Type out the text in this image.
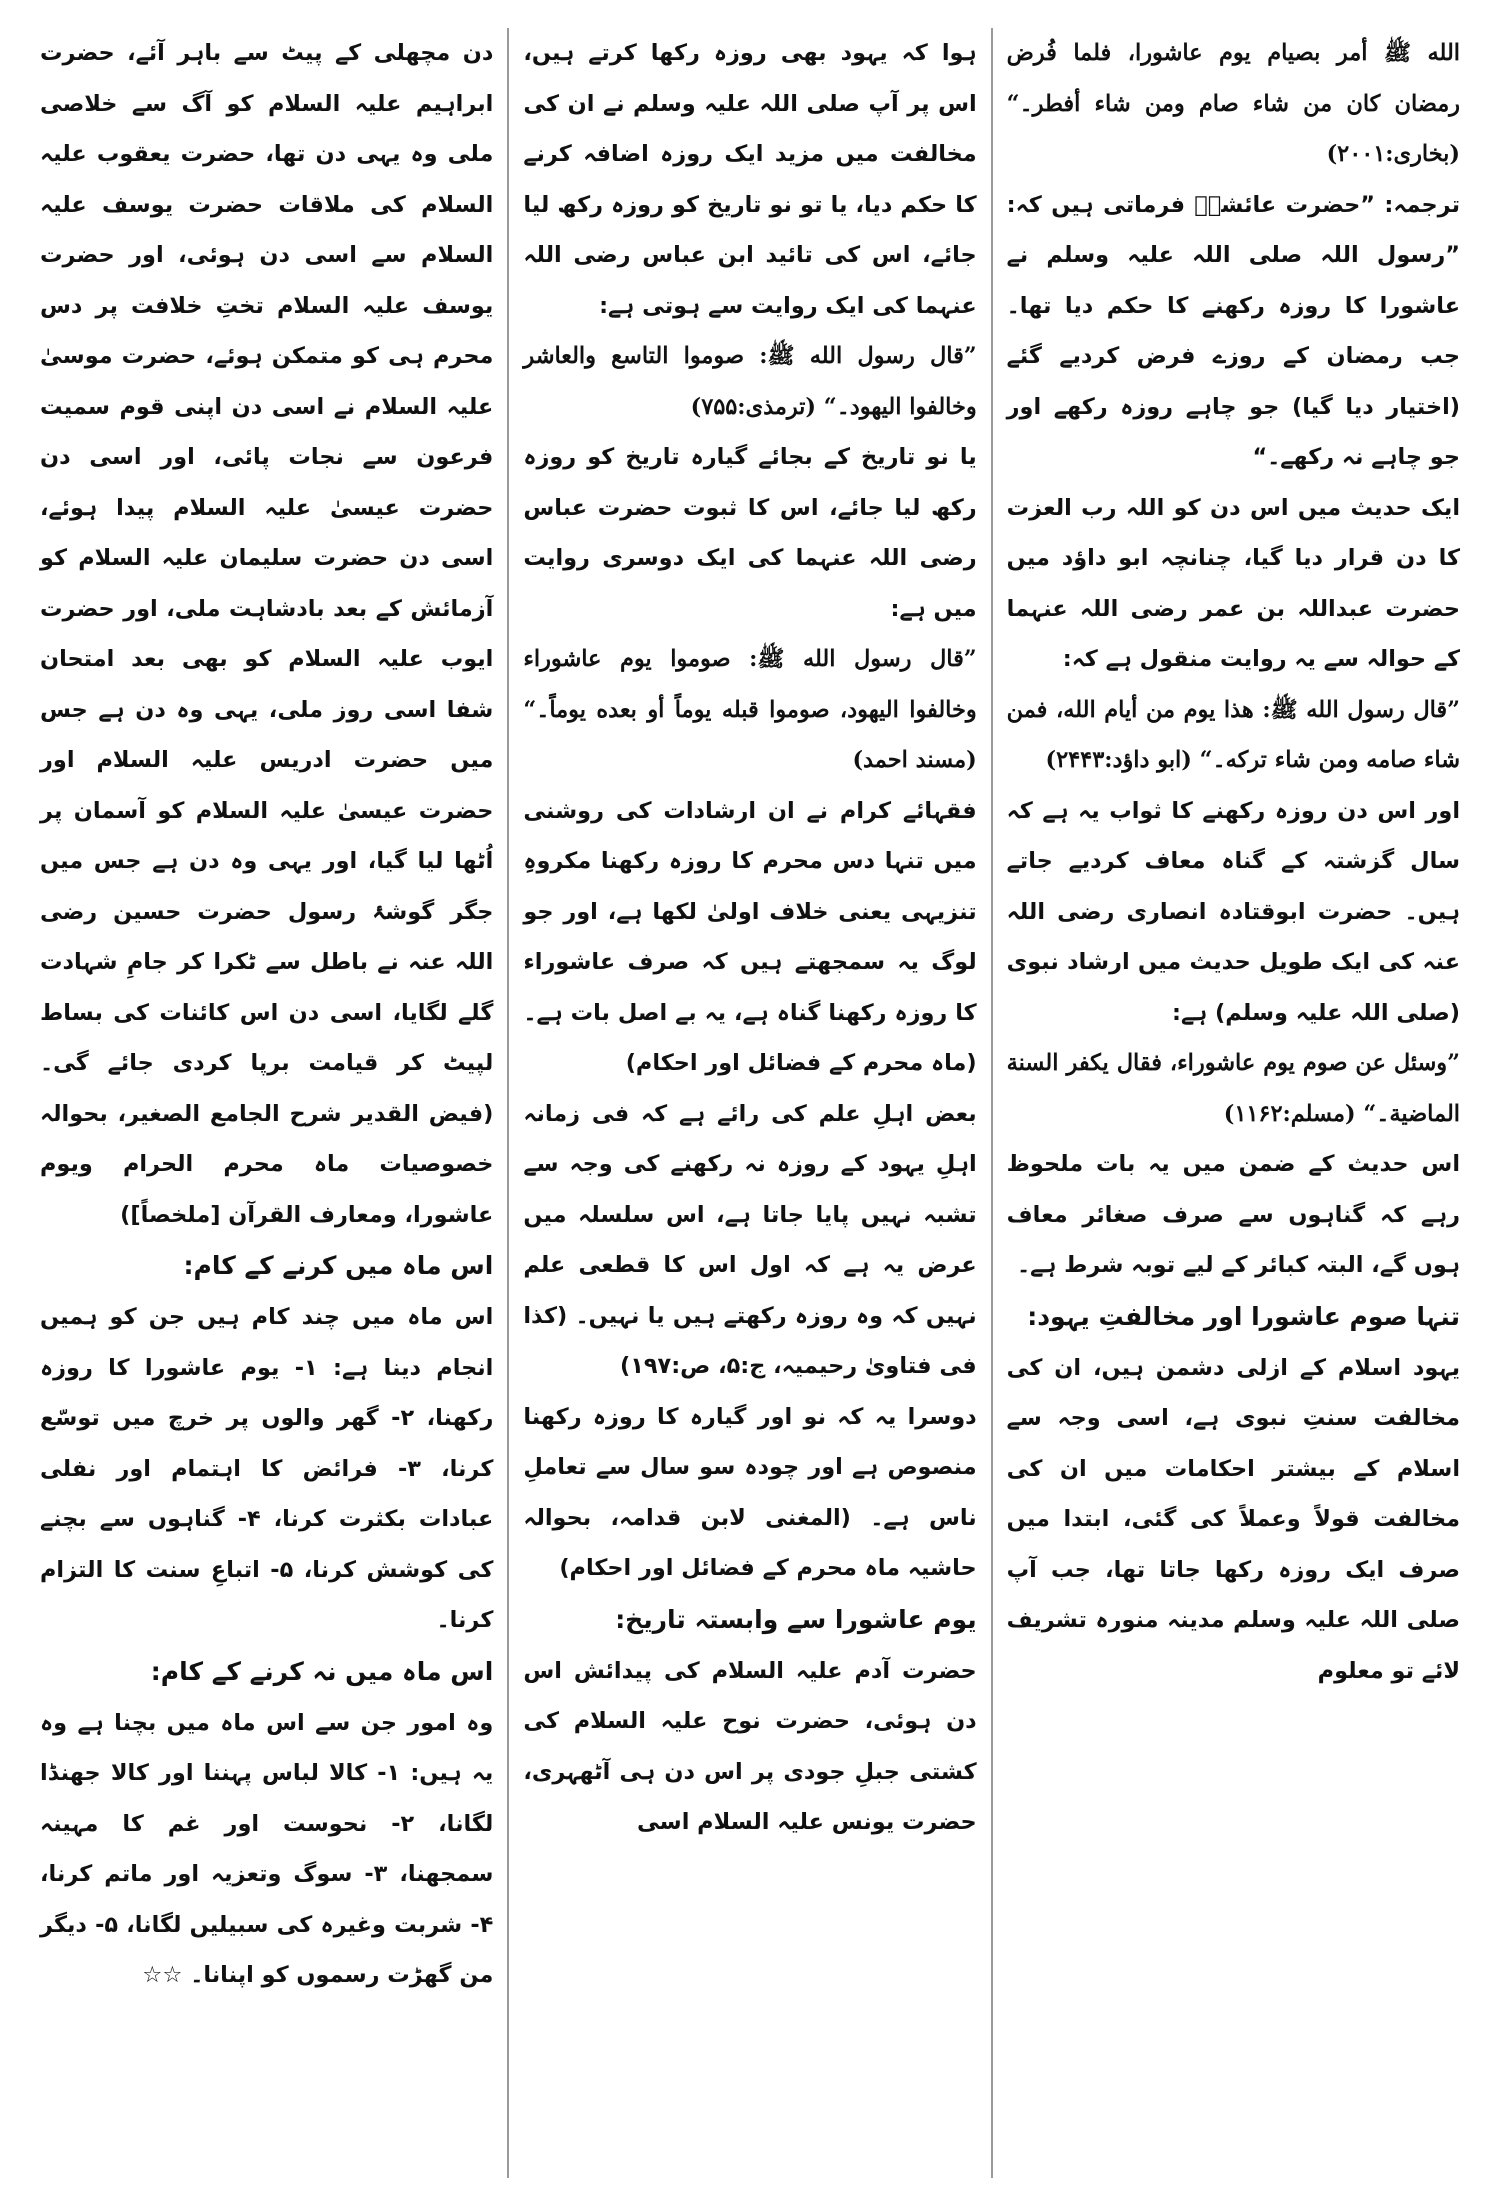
الله ﷺ أمر بصيام يوم عاشورا، فلما فُرض رمضان كان من شاء صام ومن شاء أفطر۔“ (بخاری:۲۰۰۱)

ترجمہ: ”حضرت عائشہؓ فرماتی ہیں کہ: ”رسول اللہ صلی اللہ علیہ وسلم نے عاشورا کا روزہ رکھنے کا حکم دیا تھا۔ جب رمضان کے روزے فرض کردیے گئے (اختیار دیا گیا) جو چاہے روزہ رکھے اور جو چاہے نہ رکھے۔“

ایک حدیث میں اس دن کو اللہ رب العزت کا دن قرار دیا گیا، چنانچہ ابو داؤد میں حضرت عبداللہ بن عمر رضی اللہ عنہما کے حوالہ سے یہ روایت منقول ہے کہ:

”قال رسول الله ﷺ: هذا يوم من أيام الله، فمن شاء صامه ومن شاء تركه۔“ (ابو داؤد:۲۴۴۳)

اور اس دن روزہ رکھنے کا ثواب یہ ہے کہ سال گزشتہ کے گناہ معاف کردیے جاتے ہیں۔ حضرت ابوقتادہ انصاری رضی اللہ عنہ کی ایک طویل حدیث میں ارشاد نبوی (صلی اللہ علیہ وسلم) ہے:

”وسئل عن صوم يوم عاشوراء، فقال يكفر السنة الماضية۔“ (مسلم:۱۱۶۲)

اس حدیث کے ضمن میں یہ بات ملحوظ رہے کہ گناہوں سے صرف صغائر معاف ہوں گے، البتہ کبائر کے لیے توبہ شرط ہے۔

تنہا صوم عاشورا اور مخالفتِ یہود:

یہود اسلام کے ازلی دشمن ہیں، ان کی مخالفت سنتِ نبوی ہے، اسی وجہ سے اسلام کے بیشتر احکامات میں ان کی مخالفت قولاً وعملاً کی گئی، ابتدا میں صرف ایک روزہ رکھا جاتا تھا، جب آپ صلی اللہ علیہ وسلم مدینہ منورہ تشریف لائے تو معلوم

ہوا کہ یہود بھی روزہ رکھا کرتے ہیں، اس پر آپ صلی اللہ علیہ وسلم نے ان کی مخالفت میں مزید ایک روزہ اضافہ کرنے کا حکم دیا، یا تو نو تاریخ کو روزہ رکھ لیا جائے، اس کی تائید ابن عباس رضی اللہ عنہما کی ایک روایت سے ہوتی ہے:

”قال رسول الله ﷺ: صوموا التاسع والعاشر وخالفوا اليهود۔“ (ترمذی:۷۵۵)

یا نو تاریخ کے بجائے گیارہ تاریخ کو روزہ رکھ لیا جائے، اس کا ثبوت حضرت عباس رضی اللہ عنہما کی ایک دوسری روایت میں ہے:

”قال رسول الله ﷺ: صوموا يوم عاشوراء وخالفوا اليهود، صوموا قبله يوماً أو بعده يوماً۔“ (مسند احمد)

فقہائے کرام نے ان ارشادات کی روشنی میں تنہا دس محرم کا روزہ رکھنا مکروہِ تنزیہی یعنی خلاف اولیٰ لکھا ہے، اور جو لوگ یہ سمجھتے ہیں کہ صرف عاشوراء کا روزہ رکھنا گناہ ہے، یہ بے اصل بات ہے۔ (ماہ محرم کے فضائل اور احکام)

بعض اہلِ علم کی رائے ہے کہ فی زمانہ اہلِ یہود کے روزہ نہ رکھنے کی وجہ سے تشبہ نہیں پایا جاتا ہے، اس سلسلہ میں عرض یہ ہے کہ اول اس کا قطعی علم نہیں کہ وہ روزہ رکھتے ہیں یا نہیں۔ (کذا فی فتاویٰ رحیمیہ، ج:۵، ص:۱۹۷)

دوسرا یہ کہ نو اور گیارہ کا روزہ رکھنا منصوص ہے اور چودہ سو سال سے تعاملِ ناس ہے۔ (المغنی لابن قدامہ، بحوالہ حاشیہ ماہ محرم کے فضائل اور احکام)

یوم عاشورا سے وابستہ تاریخ:

حضرت آدم علیہ السلام کی پیدائش اس دن ہوئی، حضرت نوح علیہ السلام کی کشتی جبلِ جودی پر اس دن ہی آٹھہری، حضرت یونس علیہ السلام اسی

دن مچھلی کے پیٹ سے باہر آئے، حضرت ابراہیم علیہ السلام کو آگ سے خلاصی ملی وہ یہی دن تھا، حضرت یعقوب علیہ السلام کی ملاقات حضرت یوسف علیہ السلام سے اسی دن ہوئی، اور حضرت یوسف علیہ السلام تختِ خلافت پر دس محرم ہی کو متمکن ہوئے، حضرت موسیٰ علیہ السلام نے اسی دن اپنی قوم سمیت فرعون سے نجات پائی، اور اسی دن حضرت عیسیٰ علیہ السلام پیدا ہوئے، اسی دن حضرت سلیمان علیہ السلام کو آزمائش کے بعد بادشاہت ملی، اور حضرت ایوب علیہ السلام کو بھی بعد امتحان شفا اسی روز ملی، یہی وہ دن ہے جس میں حضرت ادریس علیہ السلام اور حضرت عیسیٰ علیہ السلام کو آسمان پر اُٹھا لیا گیا، اور یہی وہ دن ہے جس میں جگر گوشۂ رسول حضرت حسین رضی اللہ عنہ نے باطل سے ٹکرا کر جامِ شہادت گلے لگایا، اسی دن اس کائنات کی بساط لپیٹ کر قیامت برپا کردی جائے گی۔ (فیض القدیر شرح الجامع الصغیر، بحوالہ خصوصیات ماہ محرم الحرام ویوم عاشورا، ومعارف القرآن [ملخصاً])

اس ماہ میں کرنے کے کام:

اس ماہ میں چند کام ہیں جن کو ہمیں انجام دینا ہے: ۱- یوم عاشورا کا روزہ رکھنا، ۲- گھر والوں پر خرچ میں توسّع کرنا، ۳- فرائض کا اہتمام اور نفلی عبادات بکثرت کرنا، ۴- گناہوں سے بچنے کی کوشش کرنا، ۵- اتباعِ سنت کا التزام کرنا۔

اس ماہ میں نہ کرنے کے کام:

وہ امور جن سے اس ماہ میں بچنا ہے وہ یہ ہیں: ۱- کالا لباس پہننا اور کالا جھنڈا لگانا، ۲- نحوست اور غم کا مہینہ سمجھنا، ۳- سوگ وتعزیہ اور ماتم کرنا، ۴- شربت وغیرہ کی سبیلیں لگانا، ۵- دیگر من گھڑت رسموں کو اپنانا۔ ☆☆
